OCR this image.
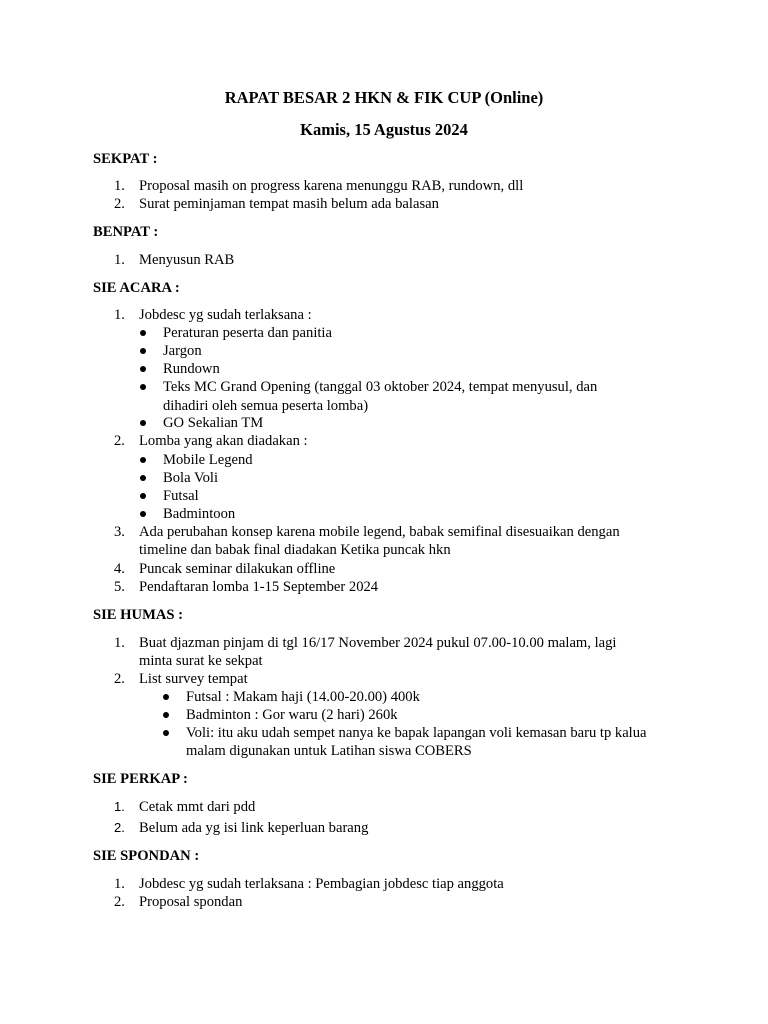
RAPAT BESAR 2 HKN & FIK CUP (Online)
Kamis, 15 Agustus 2024
SEKPAT :
1. Proposal masih on progress karena menunggu RAB, rundown, dll
2. Surat peminjaman tempat masih belum ada balasan
BENPAT :
1. Menyusun RAB
SIE ACARA :
1. Jobdesc yg sudah terlaksana :
Peraturan peserta dan panitia
Jargon
Rundown
Teks MC Grand Opening (tanggal 03 oktober 2024, tempat menyusul, dan
dihadiri oleh semua peserta lomba)
GO Sekalian TM
2. Lomba yang akan diadakan :
Mobile Legend
Bola Voli
Futsal
Badmintoon
3. Ada perubahan konsep karena mobile legend, babak semifinal disesuaikan dengan
timeline dan babak final diadakan Ketika puncak hkn
4. Puncak seminar dilakukan offline
5. Pendaftaran lomba 1-15 September 2024
SIE HUMAS :
1. Buat djazman pinjam di tgl 16/17 November 2024 pukul 07.00-10.00 malam, lagi
minta surat ke sekpat
2. List survey tempat
Futsal : Makam haji (14.00-20.00) 400k
Badminton : Gor waru (2 hari) 260k
Voli: itu aku udah sempet nanya ke bapak lapangan voli kemasan baru tp kalua
malam digunakan untuk Latihan siswa COBERS
SIE PERKAP :
1. Cetak mmt dari pdd
2. Belum ada yg isi link keperluan barang
SIE SPONDAN :
1. Jobdesc yg sudah terlaksana : Pembagian jobdesc tiap anggota
2. Proposal spondan
